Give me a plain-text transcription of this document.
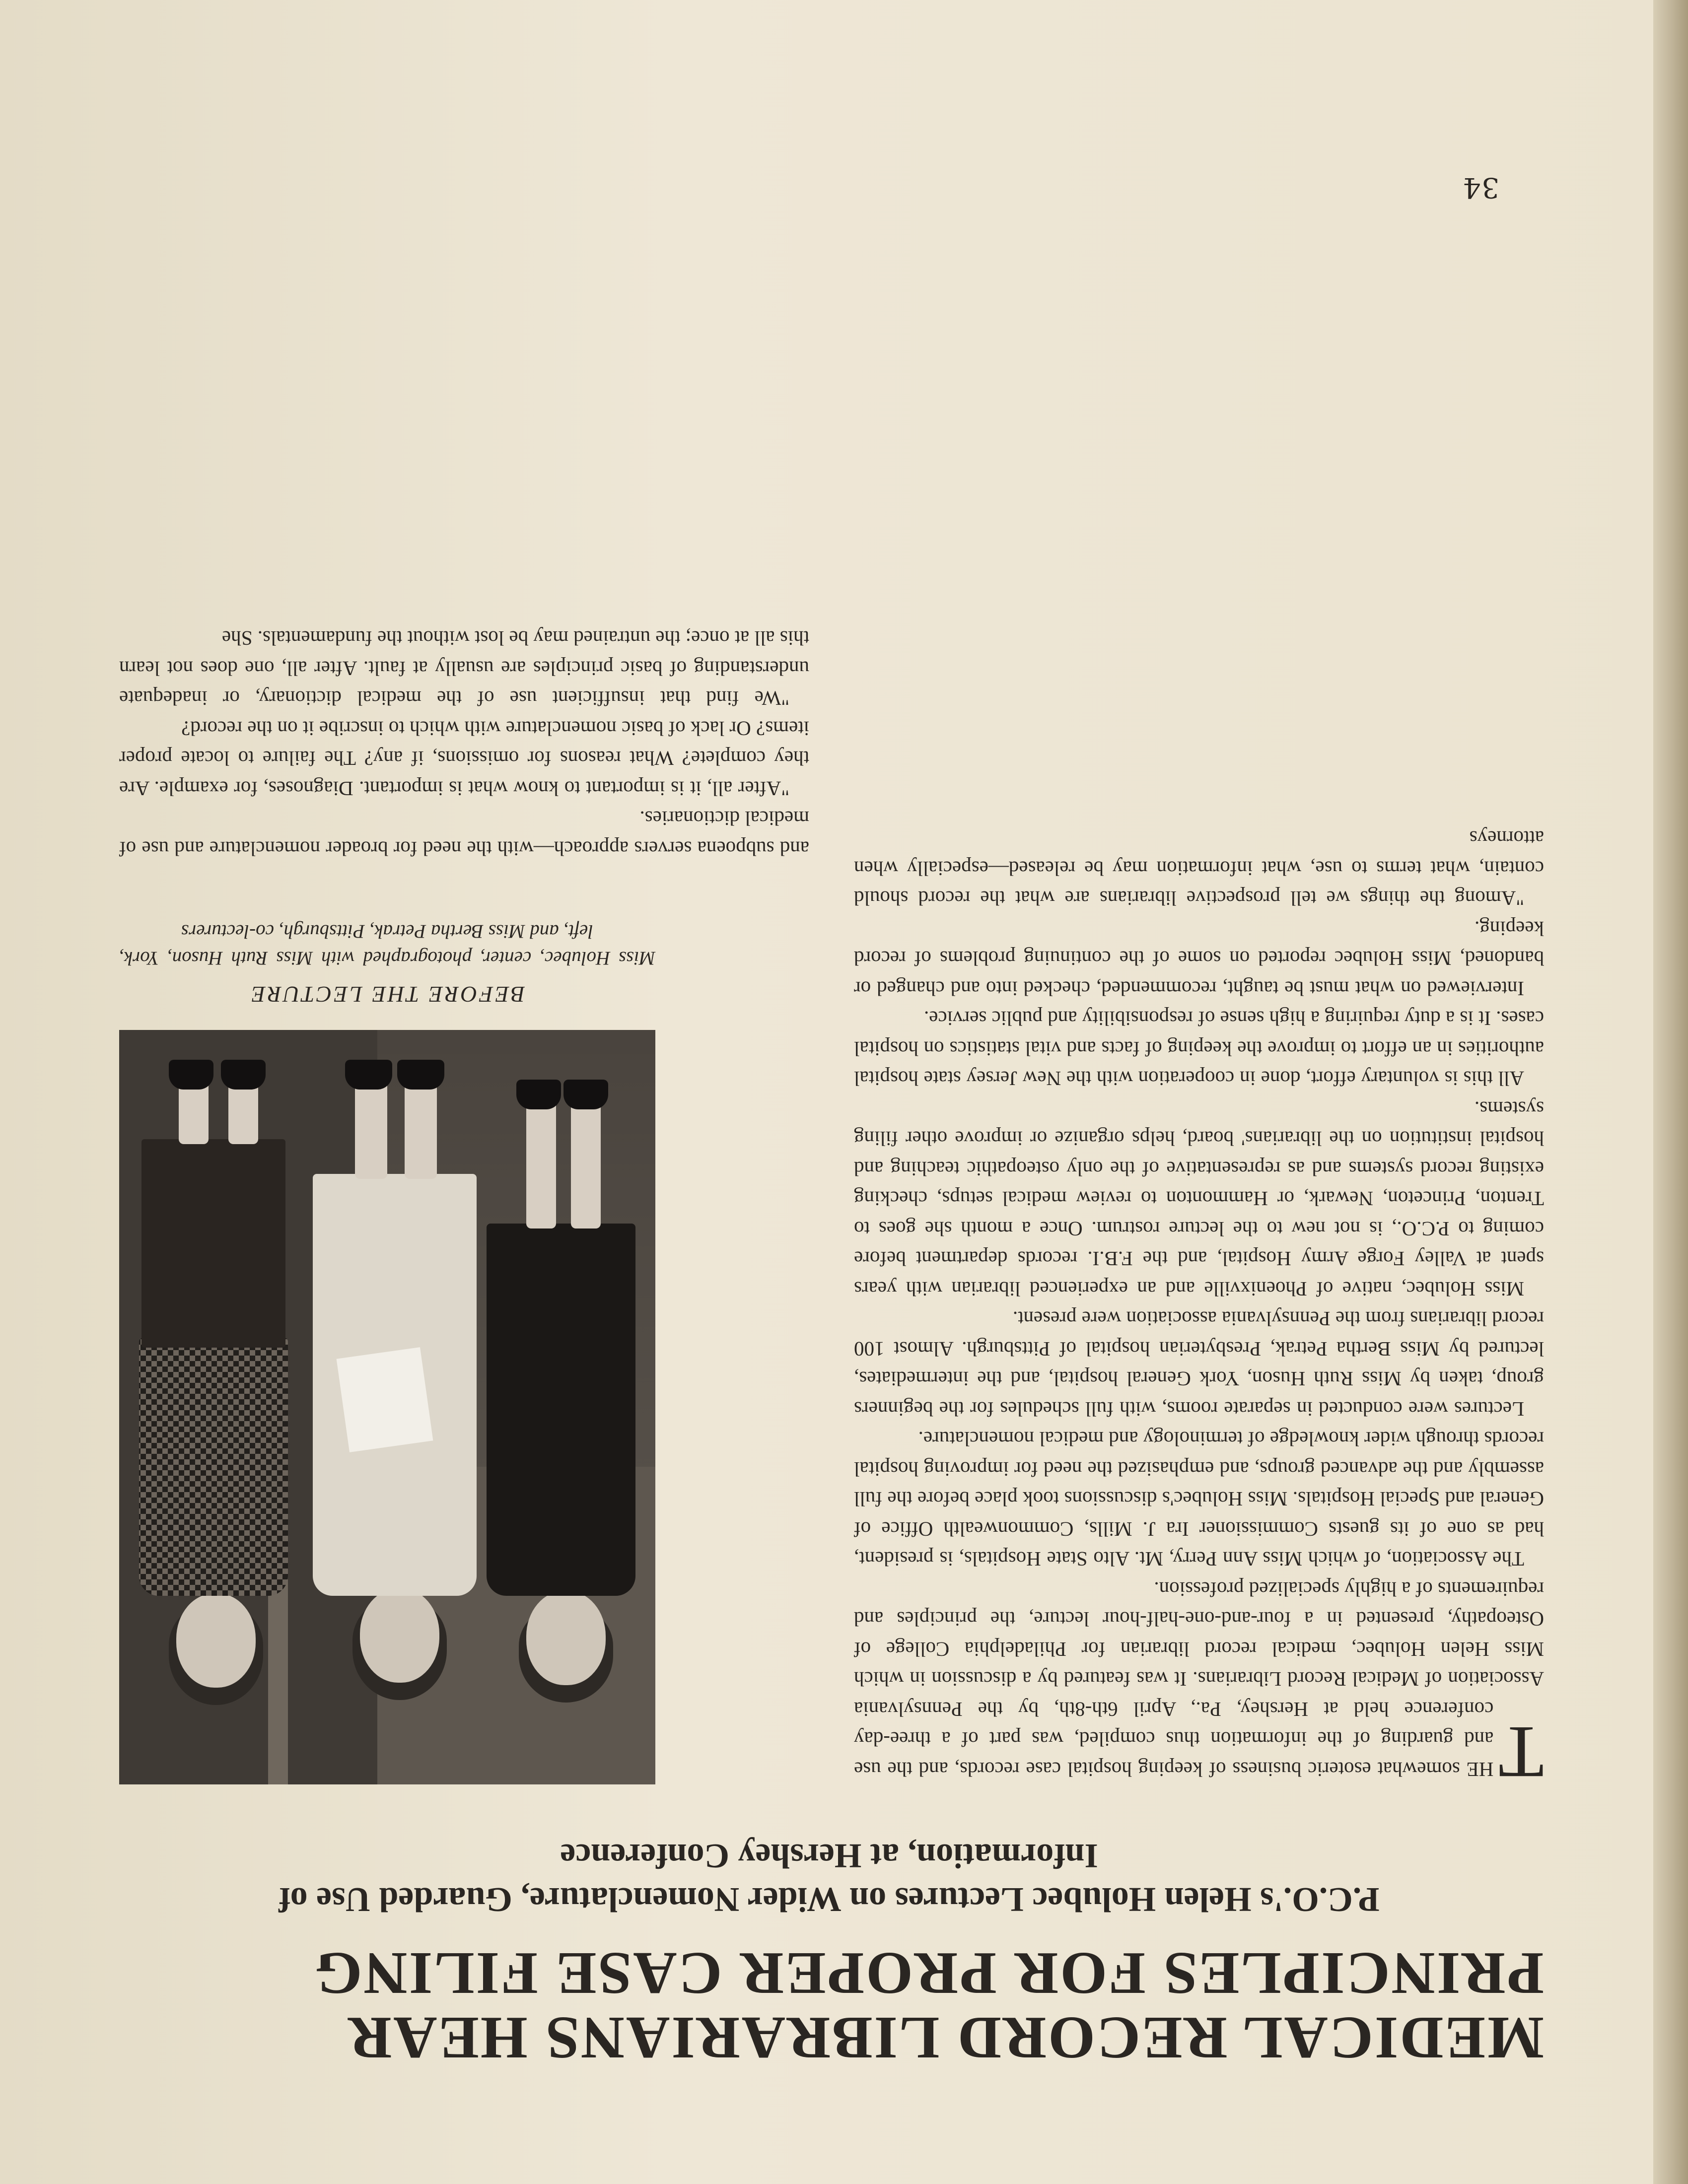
MEDICAL RECORD LIBRARIANS HEAR PRINCIPLES FOR PROPER CASE FILING
P.C.O.'s Helen Holubec Lectures on Wider Nomenclature, Guarded Use of Information, at Hershey Conference
T

HE somewhat esoteric business of keeping hospital case records, and the use and guarding of the information thus compiled, was part of a three-day conference held at Hershey, Pa., April 6th-8th, by the Pennsylvania Association of Medical Record Librarians. It was featured by a discussion in which Miss Helen Holubec, medical record librarian for Philadelphia College of Osteopathy, presented in a four-and-one-half-hour lecture, the principles and requirements of a highly specialized profession.

The Association, of which Miss Ann Perry, Mt. Alto State Hospitals, is president, had as one of its guests Commissioner Ira J. Mills, Commonwealth Office of General and Special Hospitals. Miss Holubec's discussions took place before the full assembly and the advanced groups, and emphasized the need for improving hospital records through wider knowledge of terminology and medical nomenclature.

Lectures were conducted in separate rooms, with full schedules for the beginners group, taken by Miss Ruth Huson, York General hospital, and the intermediates, lectured by Miss Bertha Petrak, Presbyterian hospital of Pittsburgh. Almost 100 record librarians from the Pennsylvania association were present.

Miss Holubec, native of Phoenixville and an experienced librarian with years spent at Valley Forge Army Hospital, and the F.B.I. records department before coming to P.C.O., is not new to the lecture rostrum. Once a month she goes to Trenton, Princeton, Newark, or Hammonton to review medical setups, checking existing record systems and as representative of the only osteopathic teaching and hospital institution on the librarians' board, helps organize or improve other filing systems.

All this is voluntary effort, done in cooperation with the New Jersey state hospital authorities in an effort to improve the keeping of facts and vital statistics on hospital cases. It is a duty requiring a high sense of responsibility and public service.

Interviewed on what must be taught, recommended, checked into and changed or bandoned, Miss Holubec reported on some of the continuing problems of record keeping.

"Among the things we tell prospective librarians are what the record should contain, what terms to use, what information may be released—especially when attorneys

BEFORE THE LECTURE

Miss Holubec, center, photographed with Miss Ruth Huson, York, left, and Miss Bertha Petrak, Pittsburgh, co-lecturers

and subpoena servers approach—with the need for broader nomenclature and use of medical dictionaries.

"After all, it is important to know what is important. Diagnoses, for example. Are they complete? What reasons for omissions, if any? The failure to locate proper items? Or lack of basic nomenclature with which to inscribe it on the record?

"We find that insufficient use of the medical dictionary, or inadequate understanding of basic principles are usually at fault. After all, one does not learn this all at once; the untrained may be lost without the fundamentals. She

34
